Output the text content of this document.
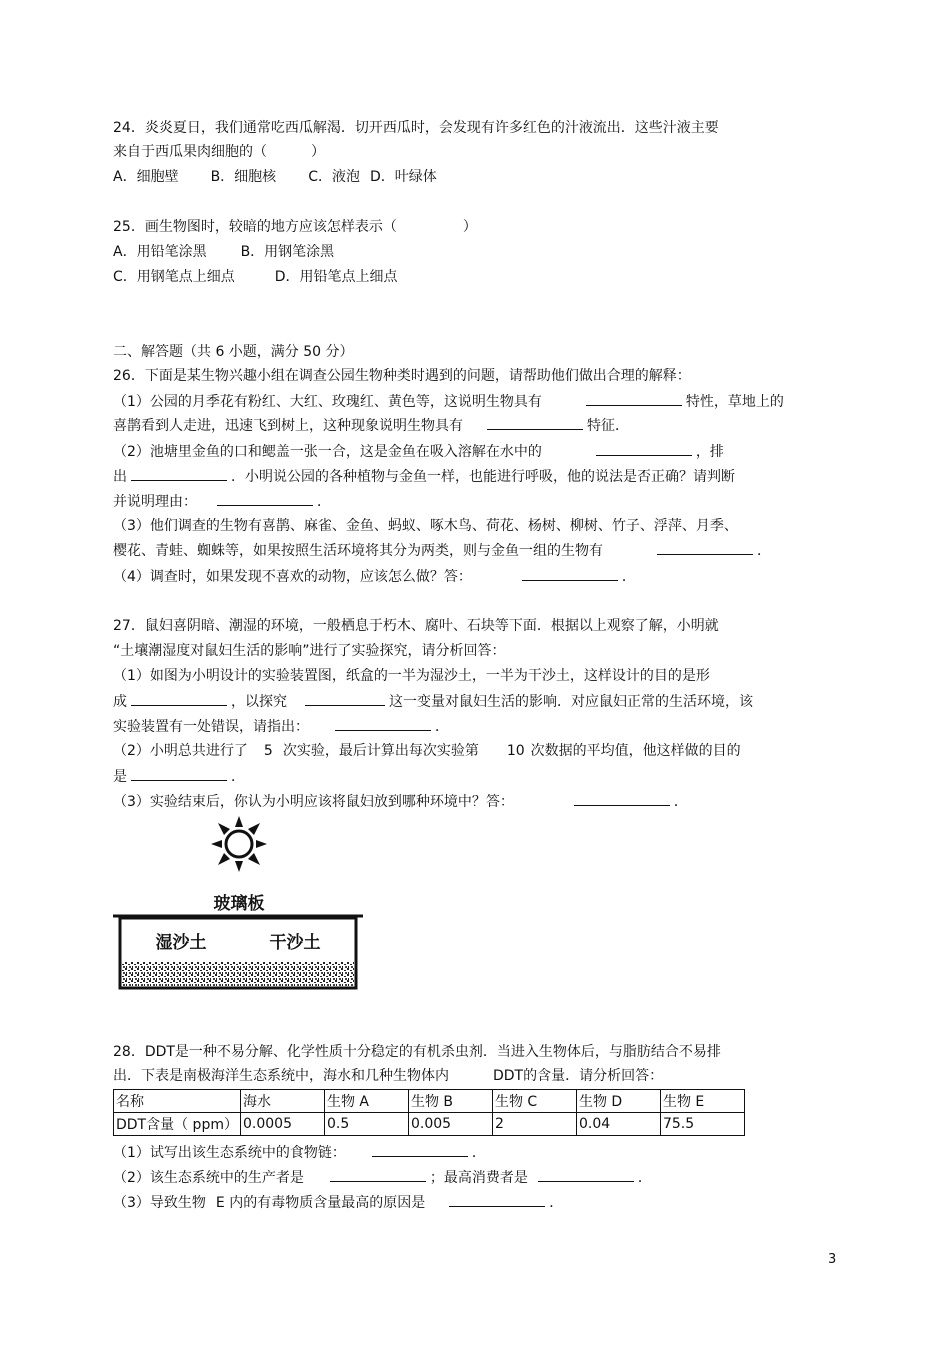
24．炎炎夏日，我们通常吃西瓜解渴．切开西瓜时，会发现有许多红色的汁液流出．这些汁液主要
来自于西瓜果肉细胞的（	）
A．细胞壁 B．细胞核 C．液泡 D．叶绿体
25．画生物图时，较暗的地方应该怎样表示（	）
A．用铅笔涂黑 B．用钢笔涂黑
C．用钢笔点上细点	D．用铅笔点上细点
二、解答题（共 6 小题，满分 50 分）
26．下面是某生物兴趣小组在调查公园生物种类时遇到的问题，请帮助他们做出合理的解释：
（1）公园的月季花有粉红、大红、玫瑰红、黄色等，这说明生物具有	特性，草地上的
喜鹊看到人走进，迅速飞到树上，这种现象说明生物具有	特征．
（2）池塘里金鱼的口和鳃盖一张一合，这是金鱼在吸入溶解在水中的	，排
出	．小明说公园的各种植物与金鱼一样，也能进行呼吸，他的说法是否正确？请判断
并说明理由：	．
（3）他们调查的生物有喜鹊、麻雀、金鱼、蚂蚁、啄木鸟、荷花、杨树、柳树、竹子、浮萍、月季、
樱花、青蛙、蜘蛛等，如果按照生活环境将其分为两类，则与金鱼一组的生物有	．
（4）调查时，如果发现不喜欢的动物，应该怎么做？答：	．
27．鼠妇喜阴暗、潮湿的环境，一般栖息于朽木、腐叶、石块等下面．根据以上观察了解，小明就
“土壤潮湿度对鼠妇生活的影响”进行了实验探究，请分析回答：
（1）如图为小明设计的实验装置图，纸盒的一半为湿沙土，一半为干沙土，这样设计的目的是形
成	，以探究	这一变量对鼠妇生活的影响．对应鼠妇正常的生活环境，该
实验装置有一处错误，请指出：	．
（2）小明总共进行了 5 次实验，最后计算出每次实验第 10 次数据的平均值，他这样做的目的
是	．
（3）实验结束后，你认为小明应该将鼠妇放到哪种环境中？答：	．
玻璃板
湿沙土	干沙土
28．DDT是一种不易分解、化学性质十分稳定的有机杀虫剂．当进入生物体后，与脂肪结合不易排
出．下表是南极海洋生态系统中，海水和几种生物体内	DDT的含量．请分析回答：
名称	海水	生物 A	生物 B	生物 C	生物 D	生物 E
DDT含量（ ppm）	0.0005	0.5	0.005	2	0.04	75.5
（1）试写出该生态系统中的食物链：	．
（2）该生态系统中的生产者是	；最高消费者是	．
（3）导致生物 E 内的有毒物质含量最高的原因是	．
3
